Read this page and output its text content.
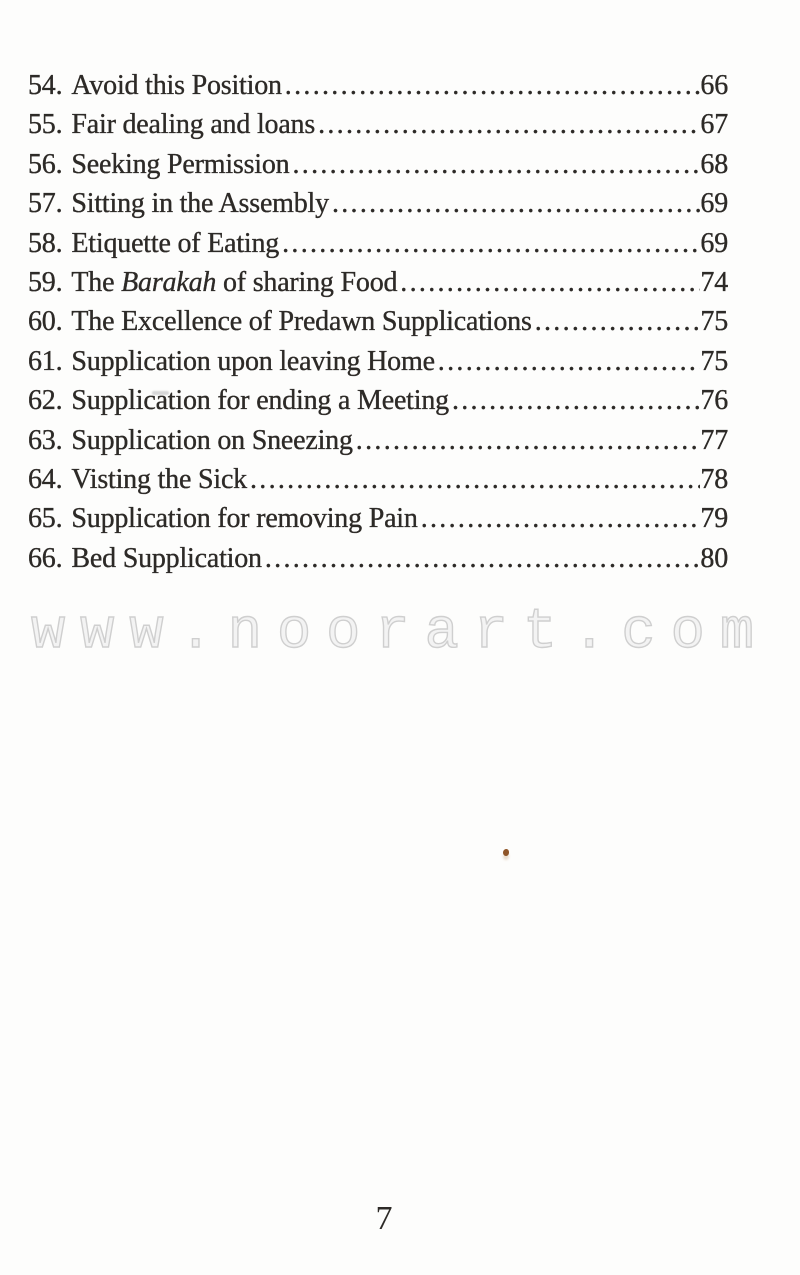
54. Avoid this Position .....	66
55. Fair dealing and loans .....	67
56. Seeking Permission .....	68
57. Sitting in the Assembly .....	69
58. Etiquette of Eating .....	69
59. The Barakah of sharing Food .....	74
60. The Excellence of Predawn Supplications .....	75
61. Supplication upon leaving Home .....	75
62. Supplication for ending a Meeting .....	76
63. Supplication on Sneezing .....	77
64. Visting the Sick .....	78
65. Supplication for removing Pain .....	79
66. Bed Supplication .....	80
www.noorart.com
7
